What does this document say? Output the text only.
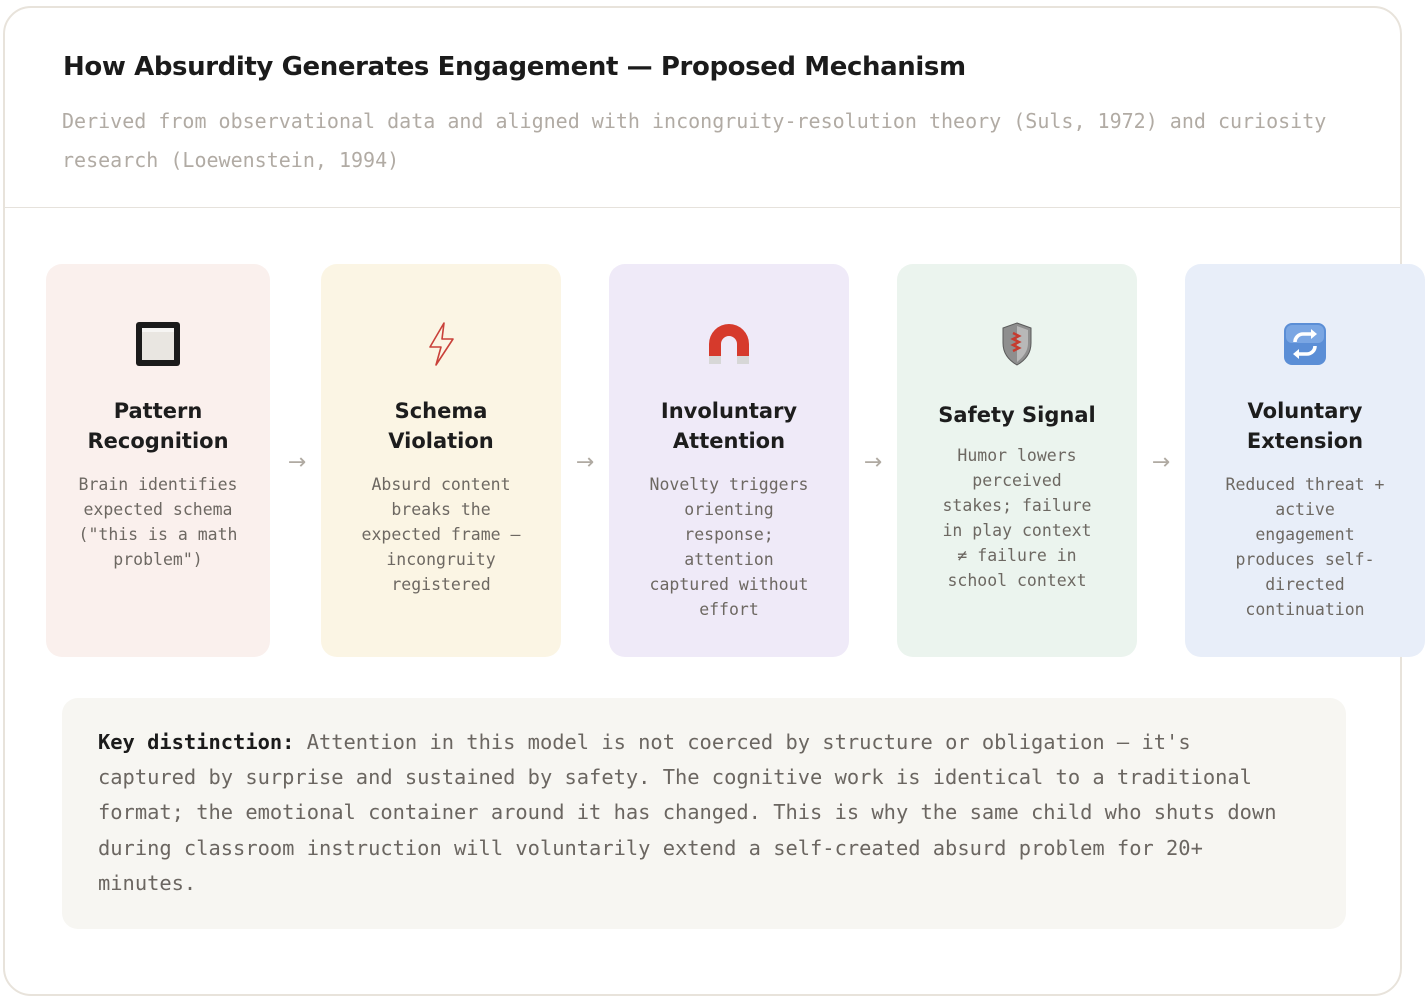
How Absurdity Generates Engagement — Proposed Mechanism
Derived from observational data and aligned with incongruity-resolution theory (Suls, 1972) and curiosity research (Loewenstein, 1994)
Pattern
Recognition
Brain identifies
expected schema
("this is a math
problem")
→
Schema
Violation
Absurd content
breaks the
expected frame —
incongruity
registered
→
Involuntary
Attention
Novelty triggers
orienting
response;
attention
captured without
effort
→
Safety Signal
Humor lowers
perceived
stakes; failure
in play context
≠ failure in
school context
→
Voluntary
Extension
Reduced threat +
active
engagement
produces self-
directed
continuation
Key distinction: Attention in this model is not coerced by structure or obligation — it's captured by surprise and sustained by safety. The cognitive work is identical to a traditional format; the emotional container around it has changed. This is why the same child who shuts down during classroom instruction will voluntarily extend a self-created absurd problem for 20+ minutes.
